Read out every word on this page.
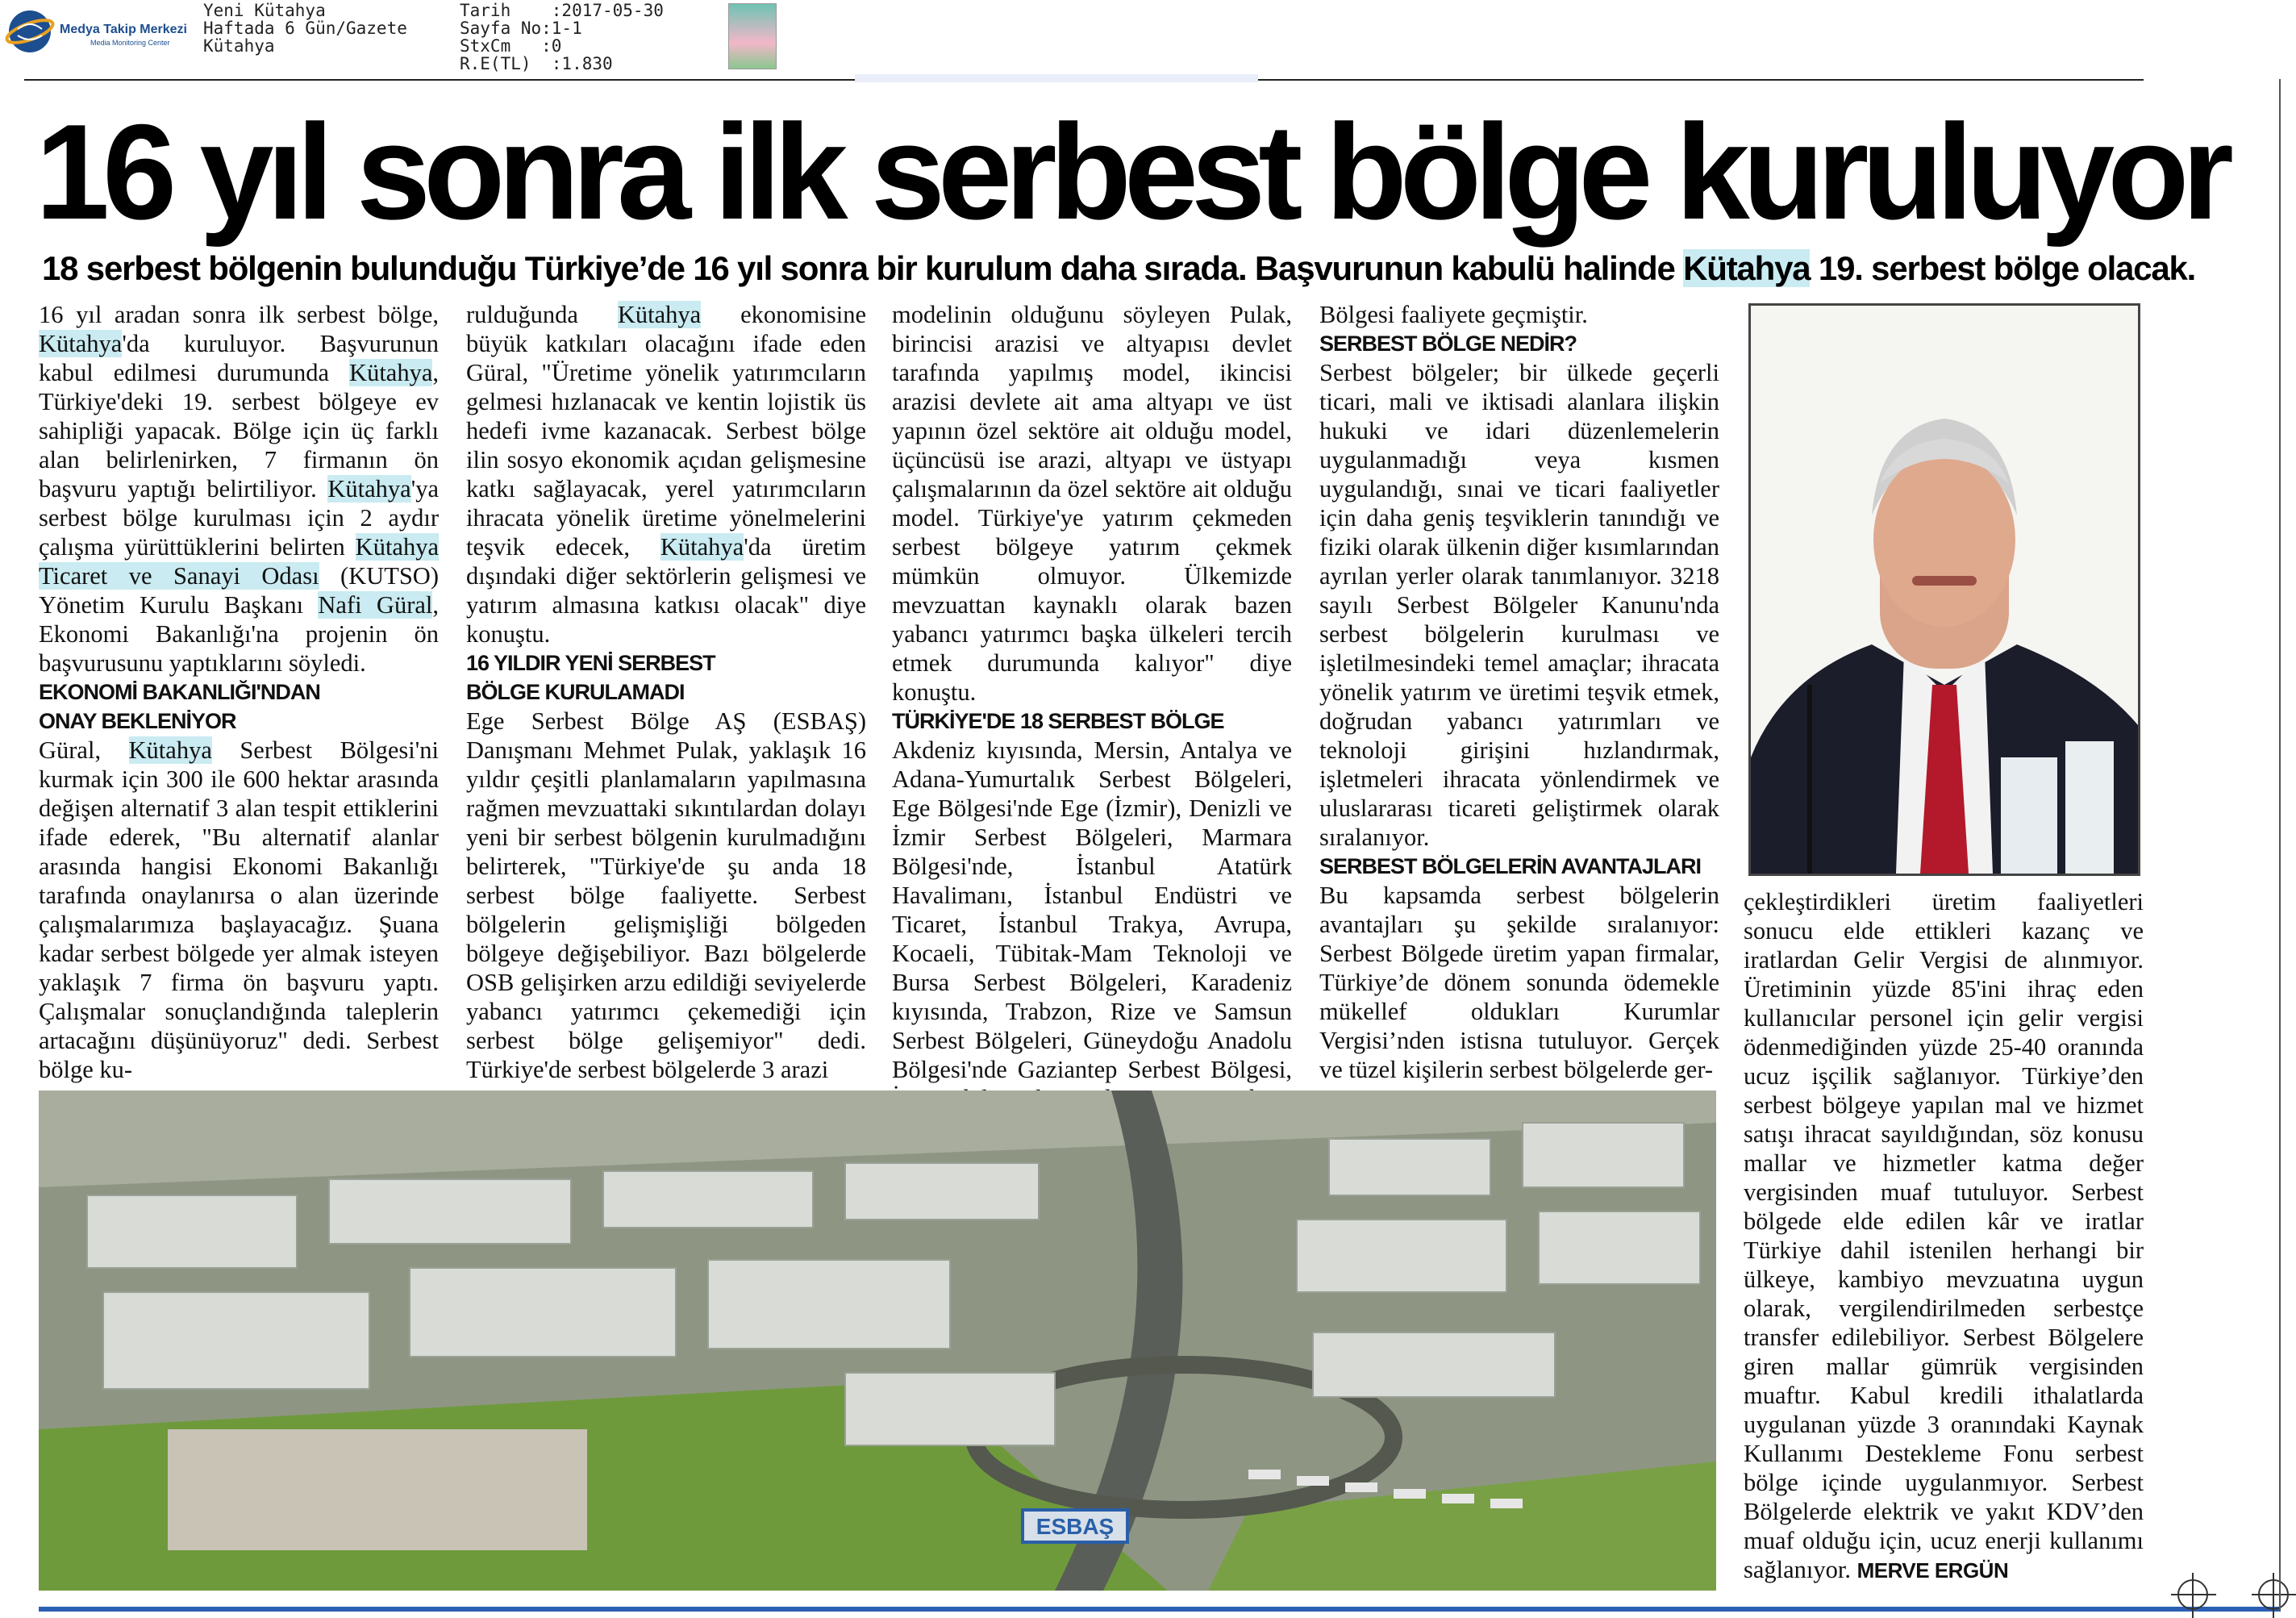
Medya Takip Merkezi
Media Monitoring Center
Yeni Kütahya
Haftada 6 Gün/Gazete
Kütahya
Tarih    :2017-05-30
Sayfa No:1-1
StxCm   :0
R.E(TL)  :1.830
16 yıl sonra ilk serbest bölge kuruluyor
18 serbest bölgenin bulunduğu Türkiye’de 16 yıl sonra bir kurulum daha sırada. Başvurunun kabulü halinde Kütahya 19. serbest bölge olacak.

16 yıl aradan sonra ilk serbest bölge, Kütahya'da kuruluyor. Başvurunun kabul edilmesi durumunda Kütahya, Türkiye'deki 19. serbest bölgeye ev sahipliği yapacak. Bölge için üç farklı alan belirlenirken, 7 firmanın ön başvuru yaptığı belirtiliyor. Kütahya'ya serbest bölge kurulması için 2 aydır çalışma yürüttüklerini belirten Kütahya Ticaret ve Sanayi Odası (KUTSO) Yönetim Kurulu Başkanı Nafi Güral, Ekonomi Bakanlığı'na projenin ön başvurusunu yaptıklarını söyledi.

EKONOMİ BAKANLIĞI'NDAN
ONAY BEKLENİYOR

Güral, Kütahya Serbest Bölgesi'ni kurmak için 300 ile 600 hektar arasında değişen alternatif 3 alan tespit ettiklerini ifade ederek, "Bu alternatif alanlar arasında hangisi Ekonomi Bakanlığı tarafında onaylanırsa o alan üzerinde çalışmalarımıza başlayacağız. Şuana kadar serbest bölgede yer almak isteyen yaklaşık 7 firma ön başvuru yaptı. Çalışmalar sonuçlandığında taleplerin artacağını düşünüyoruz" dedi. Serbest bölge ku-

rulduğunda Kütahya ekonomisine büyük katkıları olacağını ifade eden Güral, "Üretime yönelik yatırımcıların gelmesi hızlanacak ve kentin lojistik üs hedefi ivme kazanacak. Serbest bölge ilin sosyo ekonomik açıdan gelişmesine katkı sağlayacak, yerel yatırımcıların ihracata yönelik üretime yönelmelerini teşvik edecek, Kütahya'da üretim dışındaki diğer sektörlerin gelişmesi ve yatırım almasına katkısı olacak" diye konuştu.

16 YILDIR YENİ SERBEST
BÖLGE KURULAMADI

Ege Serbest Bölge AŞ (ESBAŞ) Danışmanı Mehmet Pulak, yaklaşık 16 yıldır çeşitli planlamaların yapılmasına rağmen mevzuattaki sıkıntılardan dolayı yeni bir serbest bölgenin kurulmadığını belirterek, "Türkiye'de şu anda 18 serbest bölge faaliyette. Serbest bölgelerin gelişmişliği bölgeden bölgeye değişebiliyor. Bazı bölgelerde OSB gelişirken arzu edildiği seviyelerde yabancı yatırımcı çekemediği için serbest bölge gelişemiyor" dedi. Türkiye'de serbest bölgelerde 3 arazi

modelinin olduğunu söyleyen Pulak, birincisi arazisi ve altyapısı devlet tarafında yapılmış model, ikincisi arazisi devlete ait ama altyapı ve üst yapının özel sektöre ait olduğu model, üçüncüsü ise arazi, altyapı ve üstyapı çalışmalarının da özel sektöre ait olduğu model. Türkiye'ye yatırım çekmeden serbest bölgeye yatırım çekmek mümkün olmuyor. Ülkemizde mevzuattan kaynaklı olarak bazen yabancı yatırımcı başka ülkeleri tercih etmek durumunda kalıyor" diye konuştu.

TÜRKİYE'DE 18 SERBEST BÖLGE

Akdeniz kıyısında, Mersin, Antalya ve Adana-Yumurtalık Serbest Bölgeleri, Ege Bölgesi'nde Ege (İzmir), Denizli ve İzmir Serbest Bölgeleri, Marmara Bölgesi'nde, İstanbul Atatürk Havalimanı, İstanbul Endüstri ve Ticaret, İstanbul Trakya, Avrupa, Kocaeli, Tübitak-Mam Teknoloji ve Bursa Serbest Bölgeleri, Karadeniz kıyısında, Trabzon, Rize ve Samsun Serbest Bölgeleri, Güneydoğu Anadolu Bölgesi'nde Gaziantep Serbest Bölgesi,

Bölgesi faaliyete geçmiştir.

SERBEST BÖLGE NEDİR?

Serbest bölgeler; bir ülkede geçerli ticari, mali ve iktisadi alanlara ilişkin hukuki ve idari düzenlemelerin uygulanmadığı veya kısmen uygulandığı, sınai ve ticari faaliyetler için daha geniş teşviklerin tanındığı ve fiziki olarak ülkenin diğer kısımlarından ayrılan yerler olarak tanımlanıyor. 3218 sayılı Serbest Bölgeler Kanunu'nda serbest bölgelerin kurulması ve işletilmesindeki temel amaçlar; ihracata yönelik yatırım ve üretimi teşvik etmek, doğrudan yabancı yatırımları ve teknoloji girişini hızlandırmak, işletmeleri ihracata yönlendirmek ve uluslararası ticareti geliştirmek olarak sıralanıyor.

SERBEST BÖLGELERİN AVANTAJLARI

Bu kapsamda serbest bölgelerin avantajları şu şekilde sıralanıyor: Serbest Bölgede üretim yapan firmalar, Türkiye’de dönem sonunda ödemekle mükellef oldukları Kurumlar Vergisi’nden istisna tutuluyor. Gerçek ve tüzel kişilerin serbest bölgelerde ger-

çekleştirdikleri üretim faaliyetleri sonucu elde ettikleri kazanç ve iratlardan Gelir Vergisi de alınmıyor. Üretiminin yüzde 85'ini ihraç eden kullanıcılar personel için gelir vergisi ödenmediğinden yüzde 25-40 oranında ucuz işçilik sağlanıyor. Türkiye’den serbest bölgeye yapılan mal ve hizmet satışı ihracat sayıldığından, söz konusu mallar ve hizmetler katma değer vergisinden muaf tutuluyor. Serbest bölgede elde edilen kâr ve iratlar Türkiye dahil istenilen herhangi bir ülkeye, kambiyo mevzuatına uygun olarak, vergilendirilmeden serbestçe transfer edilebiliyor. Serbest Bölgelere giren mallar gümrük vergisinden muaftır. Kabul kredili ithalatlarda uygulanan yüzde 3 oranındaki Kaynak Kullanımı Destekleme Fonu serbest bölge içinde uygulanmıyor. Serbest Bölgelerde elektrik ve yakıt KDV’den muaf olduğu için, ucuz enerji kullanımı sağlanıyor. MERVE ERGÜN

ESBAŞ
